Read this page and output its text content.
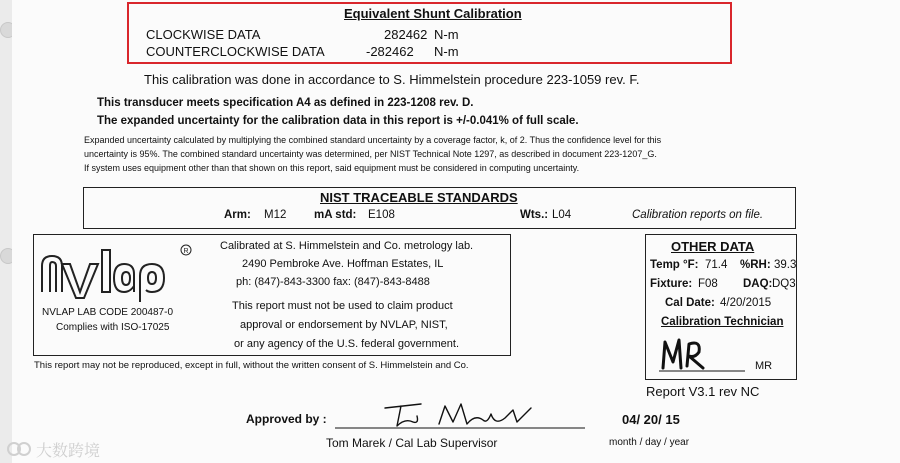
Equivalent Shunt Calibration
CLOCKWISE DATA	282462 N-m
COUNTERCLOCKWISE DATA	-282462 N-m
This calibration was done in accordance to S. Himmelstein procedure 223-1059 rev. F.
This transducer meets specification A4 as defined in 223-1208 rev. D.
The expanded uncertainty for the calibration data in this report is +/-0.041% of full scale.
Expanded uncertainty calculated by multiplying the combined standard uncertainty by a coverage factor, k, of 2. Thus the confidence level for this
uncertainty is 95%. The combined standard uncertainty was determined, per NIST Technical Note 1297, as described in document 223-1207_G.
If system uses equipment other than that shown on this report, said equipment must be considered in computing uncertainty.
NIST TRACEABLE STANDARDS
Arm: M12 mA std: E108	Wts.: L04	Calibration reports on file.
R
NVLAP LAB CODE 200487-0
Complies with ISO-17025
Calibrated at S. Himmelstein and Co. metrology lab.
2490 Pembroke Ave. Hoffman Estates, IL
ph: (847)-843-3300 fax: (847)-843-8488
This report must not be used to claim product
approval or endorsement by NVLAP, NIST,
or any agency of the U.S. federal government.
This report may not be reproduced, except in full, without the written consent of S. Himmelstein and Co.
OTHER DATA
Temp °F: 71.4 %RH: 39.3
Fixture: F08 DAQ: DQ3
Cal Date: 4/20/2015
Calibration Technician
MR
Report V3.1 rev NC
Approved by :
Tom Marek / Cal Lab Supervisor
04/ 20/ 15
month / day / year
大数跨境
